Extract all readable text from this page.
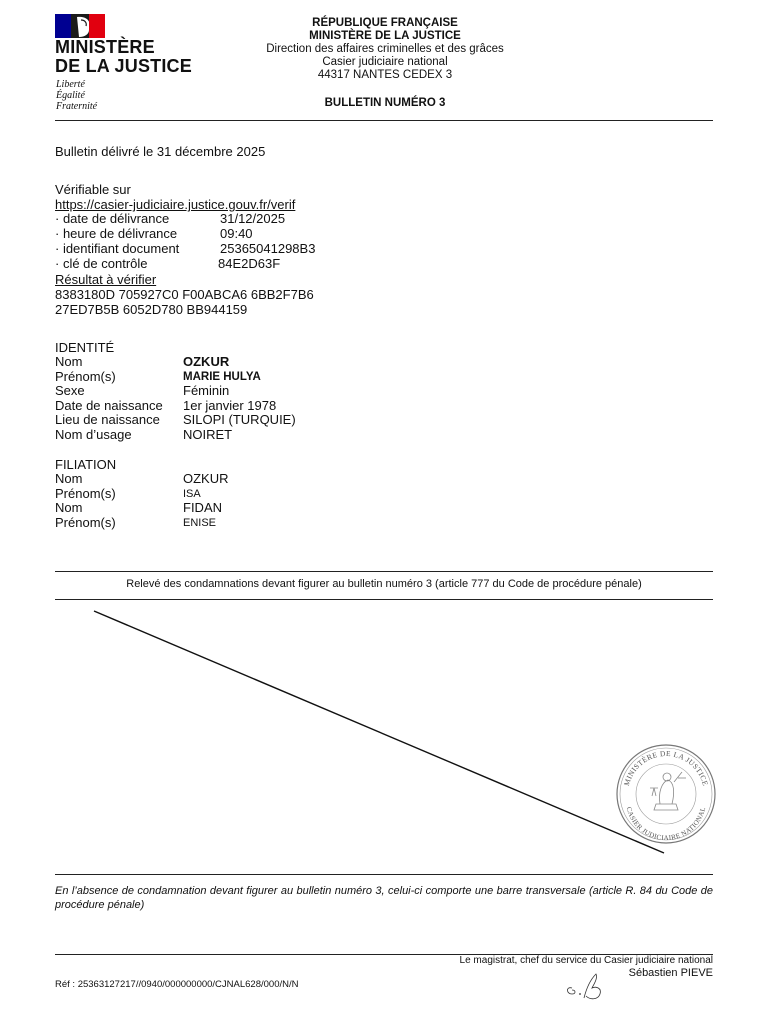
MINISTÈRE
DE LA JUSTICE
Liberté
Égalité
Fraternité
RÉPUBLIQUE FRANÇAISE
MINISTÈRE DE LA JUSTICE
Direction des affaires criminelles et des grâces
Casier judiciaire national
44317 NANTES CEDEX 3
BULLETIN NUMÉRO 3
Bulletin délivré le 31 décembre 2025
Vérifiable sur
https://casier-judiciaire.justice.gouv.fr/verif
· date de délivrance	31/12/2025
· heure de délivrance	09:40
· identifiant document	25365041298B3
· clé de contrôle	84E2D63F
Résultat à vérifier
8383180D 705927C0 F00ABCA6 6BB2F7B6
27ED7B5B 6052D780 BB944159
IDENTITÉ
Nom	OZKUR
Prénom(s)	MARIE HULYA
Sexe	Féminin
Date de naissance 1er janvier 1978
Lieu de naissance SILOPI (TURQUIE)
Nom d’usage	NOIRET
FILIATION
Nom	OZKUR
Prénom(s)	ISA
Nom	FIDAN
Prénom(s)	ENISE
Relevé des condamnations devant figurer au bulletin numéro 3 (article 777 du Code de procédure pénale)
MINISTÈRE DE LA JUSTICE
CASIER JUDICIAIRE NATIONAL
En l’absence de condamnation devant figurer au bulletin numéro 3, celui-ci comporte une barre transversale (article R. 84 du Code de procédure pénale)
Le magistrat, chef du service du Casier judiciaire national
Sébastien PIEVE
Réf : 25363127217//0940/000000000/CJNAL628/000/N/N
